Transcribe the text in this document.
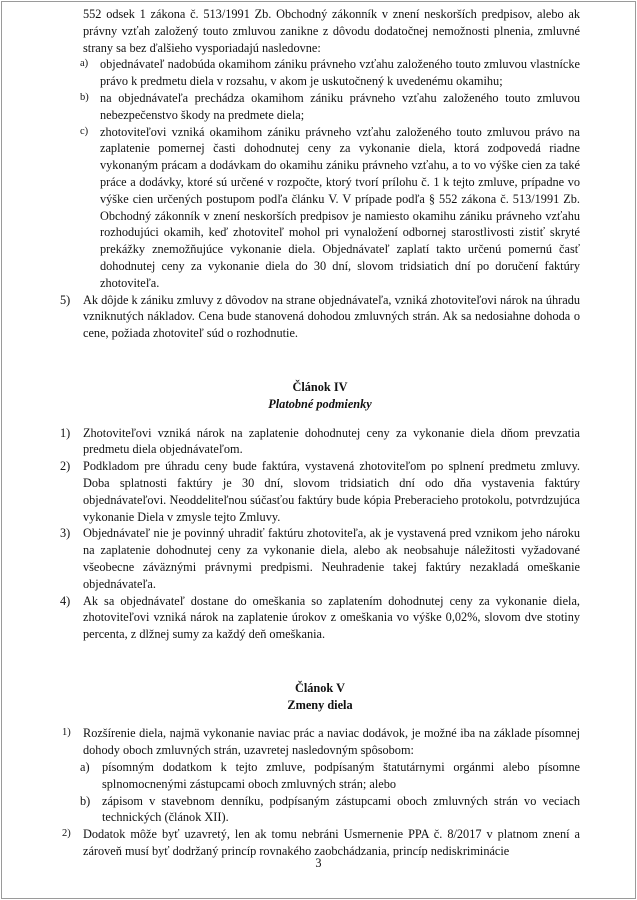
552 odsek 1 zákona č. 513/1991 Zb. Obchodný zákonník v znení neskorších predpisov, alebo ak právny vzťah založený touto zmluvou zanikne z dôvodu dodatočnej nemožnosti plnenia, zmluvné strany sa bez ďalšieho vysporiadajú nasledovne:

a) objednávateľ nadobúda okamihom zániku právneho vzťahu založeného touto zmluvou vlastnícke právo k predmetu diela v rozsahu, v akom je uskutočnený k uvedenému okamihu;
b) na objednávateľa prechádza okamihom zániku právneho vzťahu založeného touto zmluvou nebezpečenstvo škody na predmete diela;
c) zhotoviteľovi vzniká okamihom zániku právneho vzťahu založeného touto zmluvou právo na zaplatenie pomernej časti dohodnutej ceny za vykonanie diela, ktorá zodpovedá riadne vykonaným prácam a dodávkam do okamihu zániku právneho vzťahu, a to vo výške cien za také práce a dodávky, ktoré sú určené v rozpočte, ktorý tvorí prílohu č. 1 k tejto zmluve, prípadne vo výške cien určených postupom podľa článku V. V prípade podľa § 552 zákona č. 513/1991 Zb. Obchodný zákonník v znení neskorších predpisov je namiesto okamihu zániku právneho vzťahu rozhodujúci okamih, keď zhotoviteľ mohol pri vynaložení odbornej starostlivosti zistiť skryté prekážky znemožňujúce vykonanie diela. Objednávateľ zaplatí takto určenú pomernú časť dohodnutej ceny za vykonanie diela do 30 dní, slovom tridsiatich dní po doručení faktúry zhotoviteľa.
5)	Ak dôjde k zániku zmluvy z dôvodov na strane objednávateľa, vzniká zhotoviteľovi nárok na úhradu vzniknutých nákladov. Cena bude stanovená dohodou zmluvných strán. Ak sa nedosiahne dohoda o cene, požiada zhotoviteľ súd o rozhodnutie.

Článok IV

Platobné podmienky

1)	Zhotoviteľovi vzniká nárok na zaplatenie dohodnutej ceny za vykonanie diela dňom prevzatia predmetu diela objednávateľom.
2)	Podkladom pre úhradu ceny bude faktúra, vystavená zhotoviteľom po splnení predmetu zmluvy. Doba splatnosti faktúry je 30 dní, slovom tridsiatich dní odo dňa vystavenia faktúry objednávateľovi. Neoddeliteľnou súčasťou faktúry bude kópia Preberacieho protokolu, potvrdzujúca vykonanie Diela v zmysle tejto Zmluvy.
3)	Objednávateľ nie je povinný uhradiť faktúru zhotoviteľa, ak je vystavená pred vznikom jeho nároku na zaplatenie dohodnutej ceny za vykonanie diela, alebo ak neobsahuje náležitosti vyžadované všeobecne záväznými právnymi predpismi. Neuhradenie takej faktúry nezakladá omeškanie objednávateľa.
4)	Ak sa objednávateľ dostane do omeškania so zaplatením dohodnutej ceny za vykonanie diela, zhotoviteľovi vzniká nárok na zaplatenie úrokov z omeškania vo výške 0,02%, slovom dve stotiny percenta, z dlžnej sumy za každý deň omeškania.

Článok V

Zmeny diela

1) Rozšírenie diela, najmä vykonanie naviac prác a naviac dodávok, je možné iba na základe písomnej dohody oboch zmluvných strán, uzavretej nasledovným spôsobom:
a)	písomným dodatkom k tejto zmluve, podpísaným štatutárnymi orgánmi alebo písomne splnomocnenými zástupcami oboch zmluvných strán; alebo
b) zápisom v stavebnom denníku, podpísaným zástupcami oboch zmluvných strán vo veciach technických (článok XII).
2) Dodatok môže byť uzavretý, len ak tomu nebráni Usmernenie PPA č. 8/2017 v platnom znení a zároveň musí byť dodržaný princíp rovnakého zaobchádzania, princíp nediskriminácie
3
